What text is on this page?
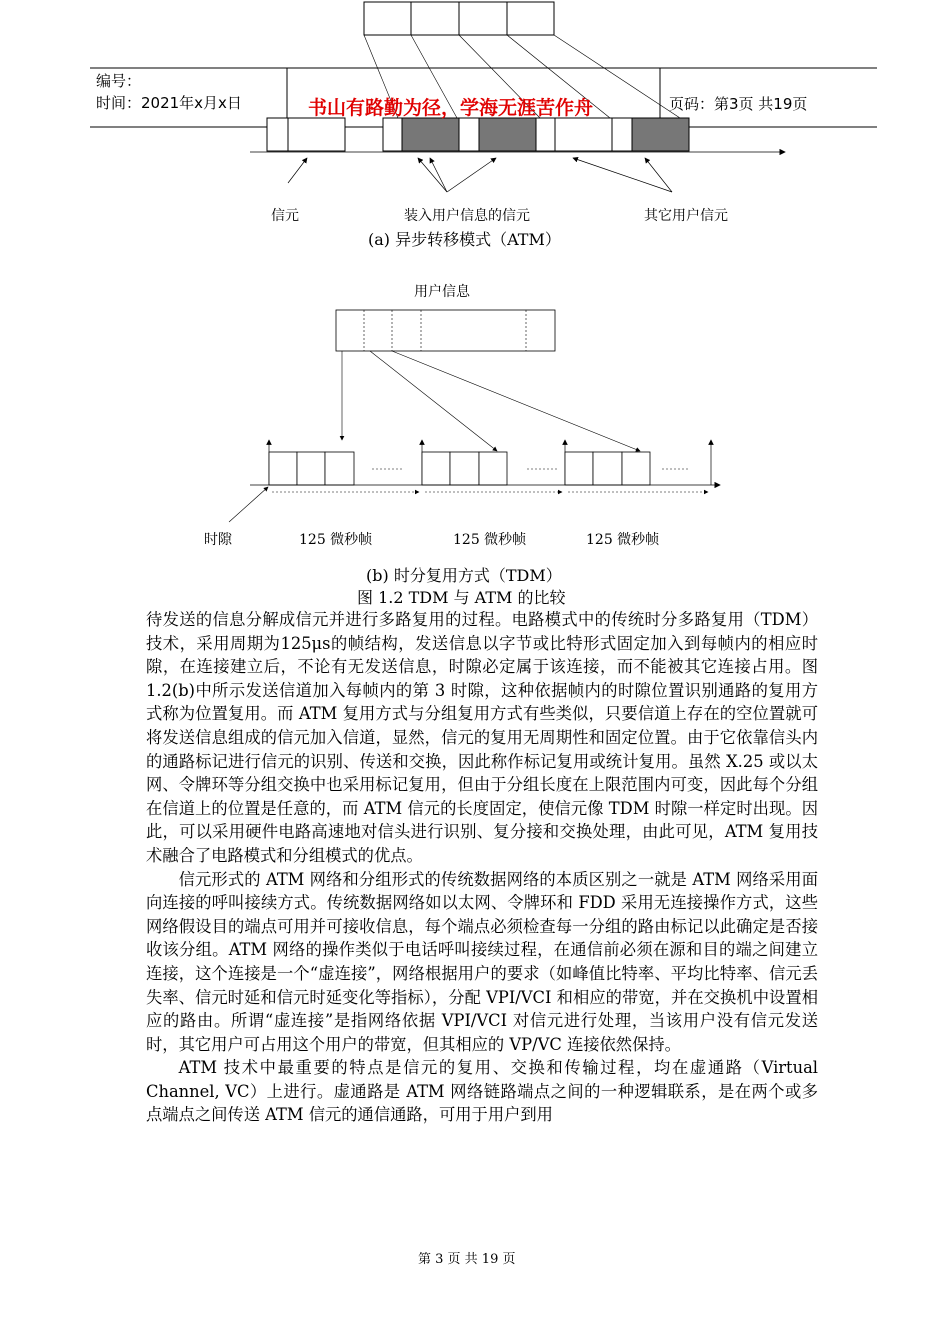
编号：
时间：2021年x月x日	书山有路勤为径，学海无涯苦作舟	页码：第3页 共19页
信元	装入用户信息的信元	其它用户信元
(a) 异步转移模式（ATM）
用户信息
时隙	125 微秒帧	125 微秒帧	125 微秒帧
(b) 时分复用方式（TDM）
图 1.2 TDM 与 ATM 的比较

待发送的信息分解成信元并进行多路复用的过程。电路模式中的传统时分多路复用（TDM）技术，采用周期为125μs的帧结构，发送信息以字节或比特形式固定加入到每帧内的相应时隙，在连接建立后，不论有无发送信息，时隙必定属于该连接，而不能被其它连接占用。图 1.2(b)中所示发送信道加入每帧内的第 3 时隙，这种依据帧内的时隙位置识别通路的复用方式称为位置复用。而 ATM 复用方式与分组复用方式有些类似，只要信道上存在的空位置就可将发送信息组成的信元加入信道，显然，信元的复用无周期性和固定位置。由于它依靠信头内的通路标记进行信元的识别、传送和交换，因此称作标记复用或统计复用。虽然 X.25 或以太网、令牌环等分组交换中也采用标记复用，但由于分组长度在上限范围内可变，因此每个分组在信道上的位置是任意的，而 ATM 信元的长度固定，使信元像 TDM 时隙一样定时出现。因此，可以采用硬件电路高速地对信头进行识别、复分接和交换处理，由此可见，ATM 复用技术融合了电路模式和分组模式的优点。

信元形式的 ATM 网络和分组形式的传统数据网络的本质区别之一就是 ATM 网络采用面向连接的呼叫接续方式。传统数据网络如以太网、令牌环和 FDD 采用无连接操作方式，这些网络假设目的端点可用并可接收信息，每个端点必须检查每一分组的路由标记以此确定是否接收该分组。ATM 网络的操作类似于电话呼叫接续过程，在通信前必须在源和目的端之间建立连接，这个连接是一个“虚连接”，网络根据用户的要求（如峰值比特率、平均比特率、信元丢失率、信元时延和信元时延变化等指标），分配 VPI/VCI 和相应的带宽，并在交换机中设置相应的路由。所谓“虚连接”是指网络依据 VPI/VCI 对信元进行处理，当该用户没有信元发送时，其它用户可占用这个用户的带宽，但其相应的 VP/VC 连接依然保持。

ATM 技术中最重要的特点是信元的复用、交换和传输过程，均在虚通路（Virtual Channel, VC）上进行。虚通路是 ATM 网络链路端点之间的一种逻辑联系，是在两个或多点端点之间传送 ATM 信元的通信通路，可用于用户到用

第 3 页 共 19 页
